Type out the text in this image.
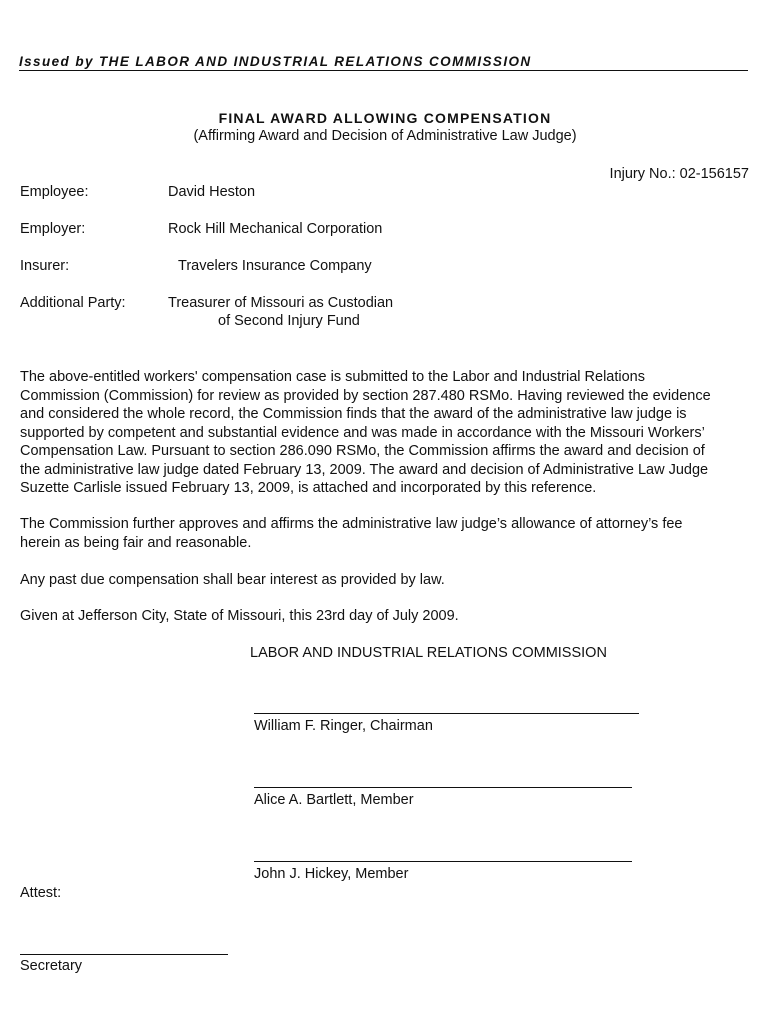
Issued by THE LABOR AND INDUSTRIAL RELATIONS COMMISSION
FINAL AWARD ALLOWING COMPENSATION
(Affirming Award and Decision of Administrative Law Judge)
Injury No.: 02-156157
Employee:	David Heston
Employer:	Rock Hill Mechanical Corporation
Insurer:	Travelers Insurance Company
Additional Party:	Treasurer of Missouri as Custodian
of Second Injury Fund
The above-entitled workers' compensation case is submitted to the Labor and Industrial Relations
Commission (Commission) for review as provided by section 287.480 RSMo. Having reviewed the evidence
and considered the whole record, the Commission finds that the award of the administrative law judge is
supported by competent and substantial evidence and was made in accordance with the Missouri Workers’
Compensation Law. Pursuant to section 286.090 RSMo, the Commission affirms the award and decision of
the administrative law judge dated February 13, 2009. The award and decision of Administrative Law Judge
Suzette Carlisle issued February 13, 2009, is attached and incorporated by this reference.
The Commission further approves and affirms the administrative law judge’s allowance of attorney’s fee
herein as being fair and reasonable.
Any past due compensation shall bear interest as provided by law.
Given at Jefferson City, State of Missouri, this 23rd day of July 2009.
LABOR AND INDUSTRIAL RELATIONS COMMISSION
William F. Ringer, Chairman
Alice A. Bartlett, Member
John J. Hickey, Member
Attest:
Secretary
